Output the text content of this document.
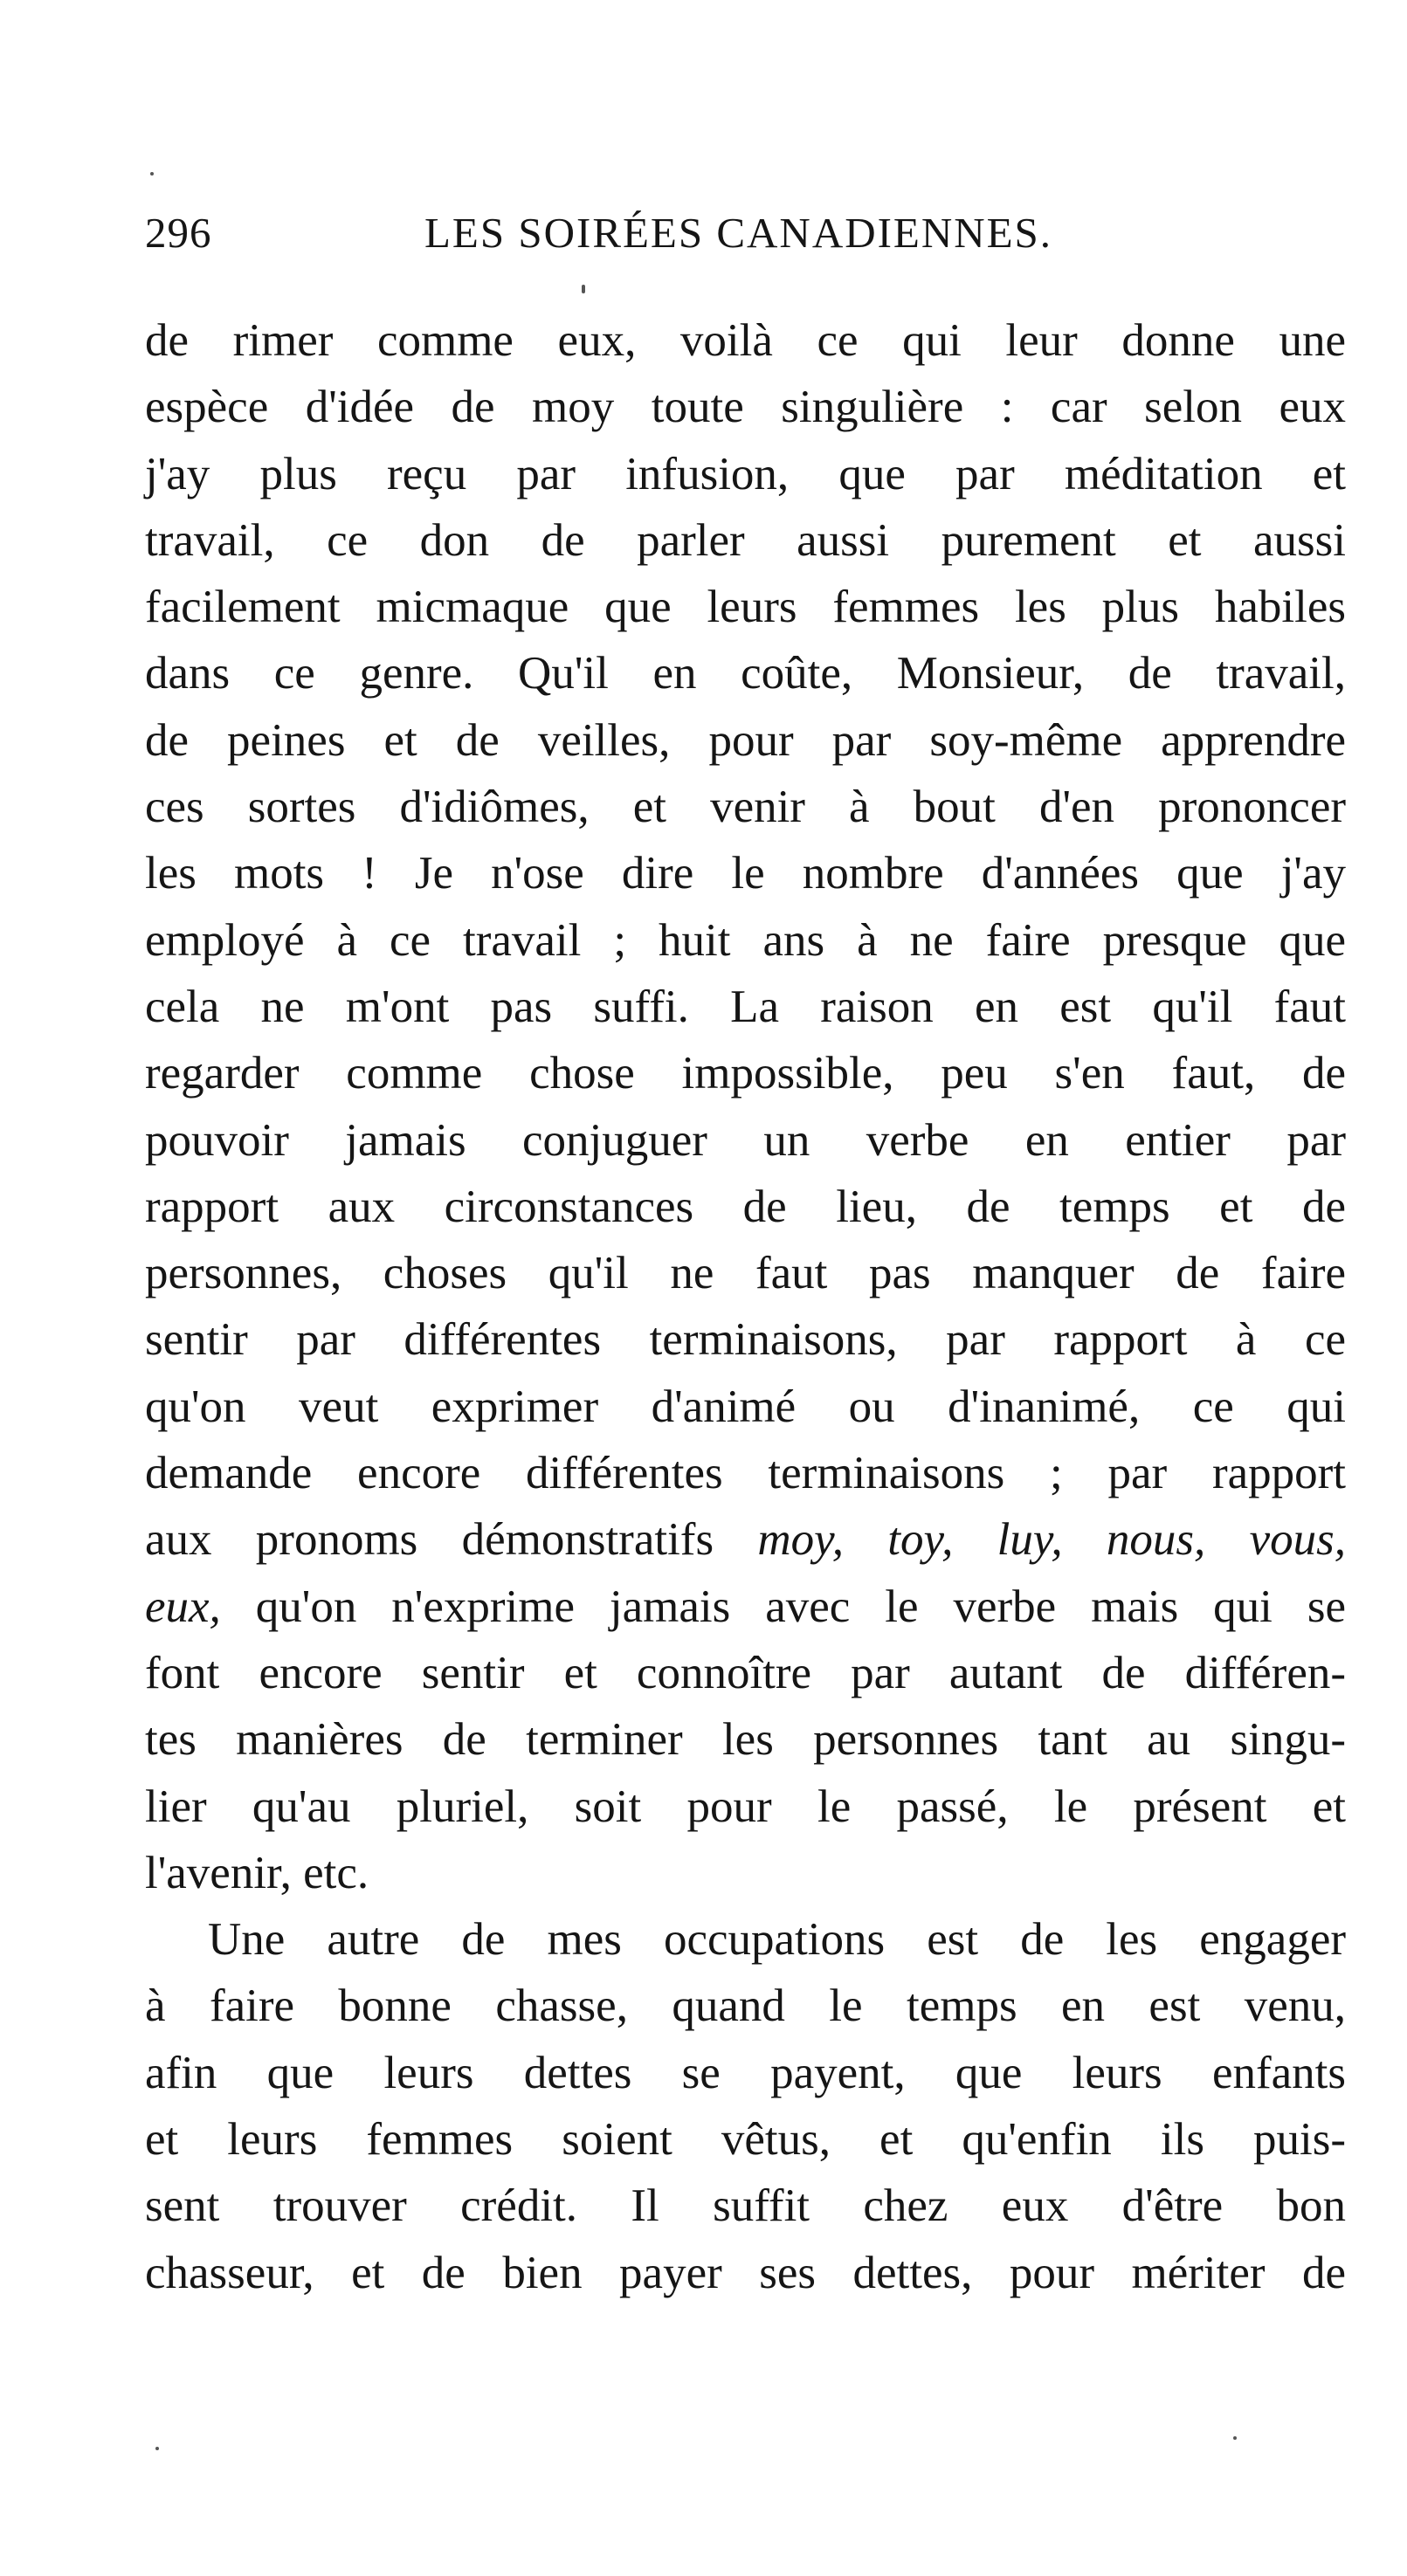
296	LES SOIRÉES CANADIENNES.
de rimer comme eux, voilà ce qui leur donne une
espèce d'idée de moy toute singulière : car selon eux
j'ay plus reçu par infusion, que par méditation et
travail, ce don de parler aussi purement et aussi
facilement micmaque que leurs femmes les plus habiles
dans ce genre. Qu'il en coûte, Monsieur, de travail,
de peines et de veilles, pour par soy-même apprendre
ces sortes d'idiômes, et venir à bout d'en prononcer
les mots ! Je n'ose dire le nombre d'années que j'ay
employé à ce travail ; huit ans à ne faire presque que
cela ne m'ont pas suffi. La raison en est qu'il faut
regarder comme chose impossible, peu s'en faut, de
pouvoir jamais conjuguer un verbe en entier par
rapport aux circonstances de lieu, de temps et de
personnes, choses qu'il ne faut pas manquer de faire
sentir par différentes terminaisons, par rapport à ce
qu'on veut exprimer d'animé ou d'inanimé, ce qui
demande encore différentes terminaisons ; par rapport
aux pronoms démonstratifs moy, toy, luy, nous, vous,
eux, qu'on n'exprime jamais avec le verbe mais qui se
font encore sentir et connoître par autant de différen-
tes manières de terminer les personnes tant au singu-
lier qu'au pluriel, soit pour le passé, le présent et
l'avenir, etc.
Une autre de mes occupations est de les engager
à faire bonne chasse, quand le temps en est venu,
afin que leurs dettes se payent, que leurs enfants
et leurs femmes soient vêtus, et qu'enfin ils puis-
sent trouver crédit. Il suffit chez eux d'être bon
chasseur, et de bien payer ses dettes, pour mériter de
